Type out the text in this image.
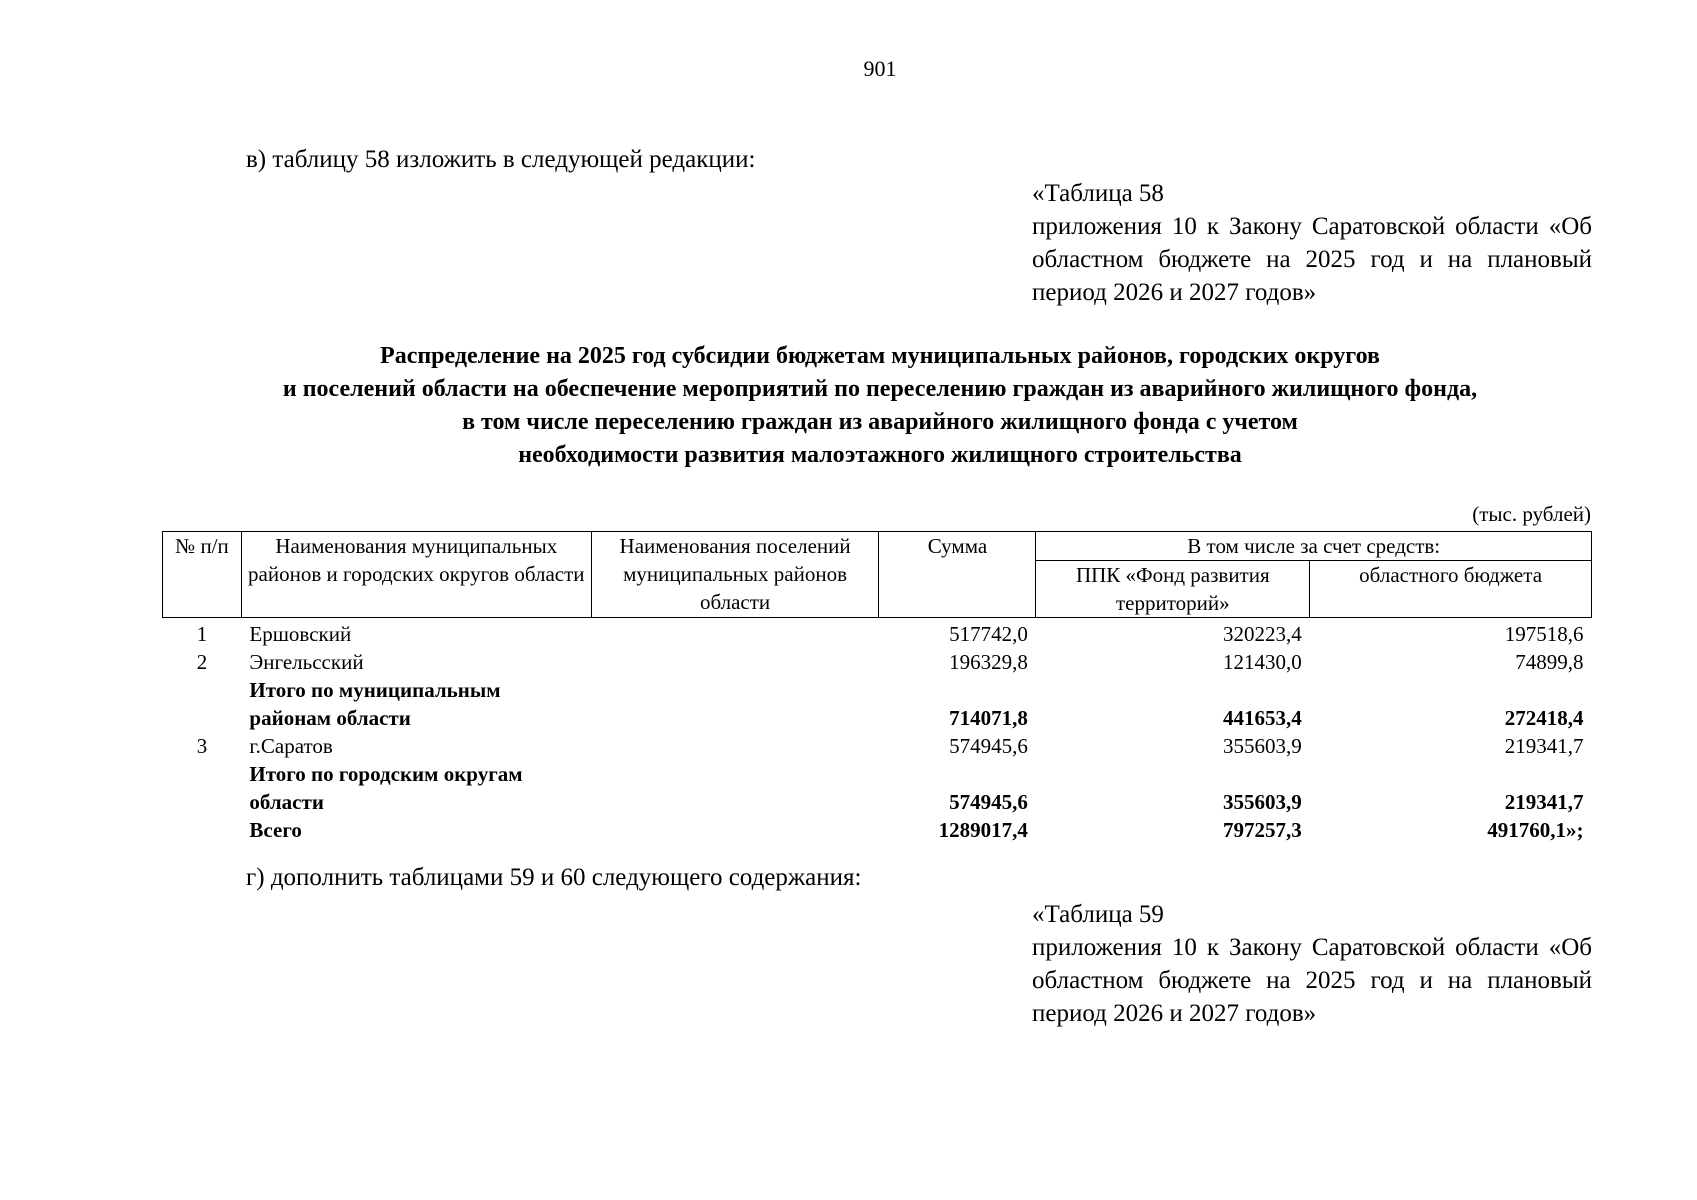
901
в) таблицу 58 изложить в следующей редакции:
«Таблица 58
приложения 10 к Закону Саратовской области «Об областном бюджете на 2025 год и на плановый период 2026 и 2027 годов»
Распределение на 2025 год субсидии бюджетам муниципальных районов, городских округов
и поселений области на обеспечение мероприятий по переселению граждан из аварийного жилищного фонда,
в том числе переселению граждан из аварийного жилищного фонда с учетом
необходимости развития малоэтажного жилищного строительства
(тыс. рублей)
№ п/п	Наименования муниципальных районов и городских округов области	Наименования поселений муниципальных районов области	Сумма	В том числе за счет средств:	
				ППК «Фонд развития территорий»	областного бюджета
1	Ершовский		517742,0	320223,4	197518,6
2	Энгельсский		196329,8	121430,0	74899,8
	Итого по муниципальным районам области		714071,8	441653,4	272418,4
3	г.Саратов		574945,6	355603,9	219341,7
	Итого по городским округам области		574945,6	355603,9	219341,7
	Всего		1289017,4	797257,3	491760,1»;
г) дополнить таблицами 59 и 60 следующего содержания:
«Таблица 59
приложения 10 к Закону Саратовской области «Об областном бюджете на 2025 год и на плановый период 2026 и 2027 годов»
